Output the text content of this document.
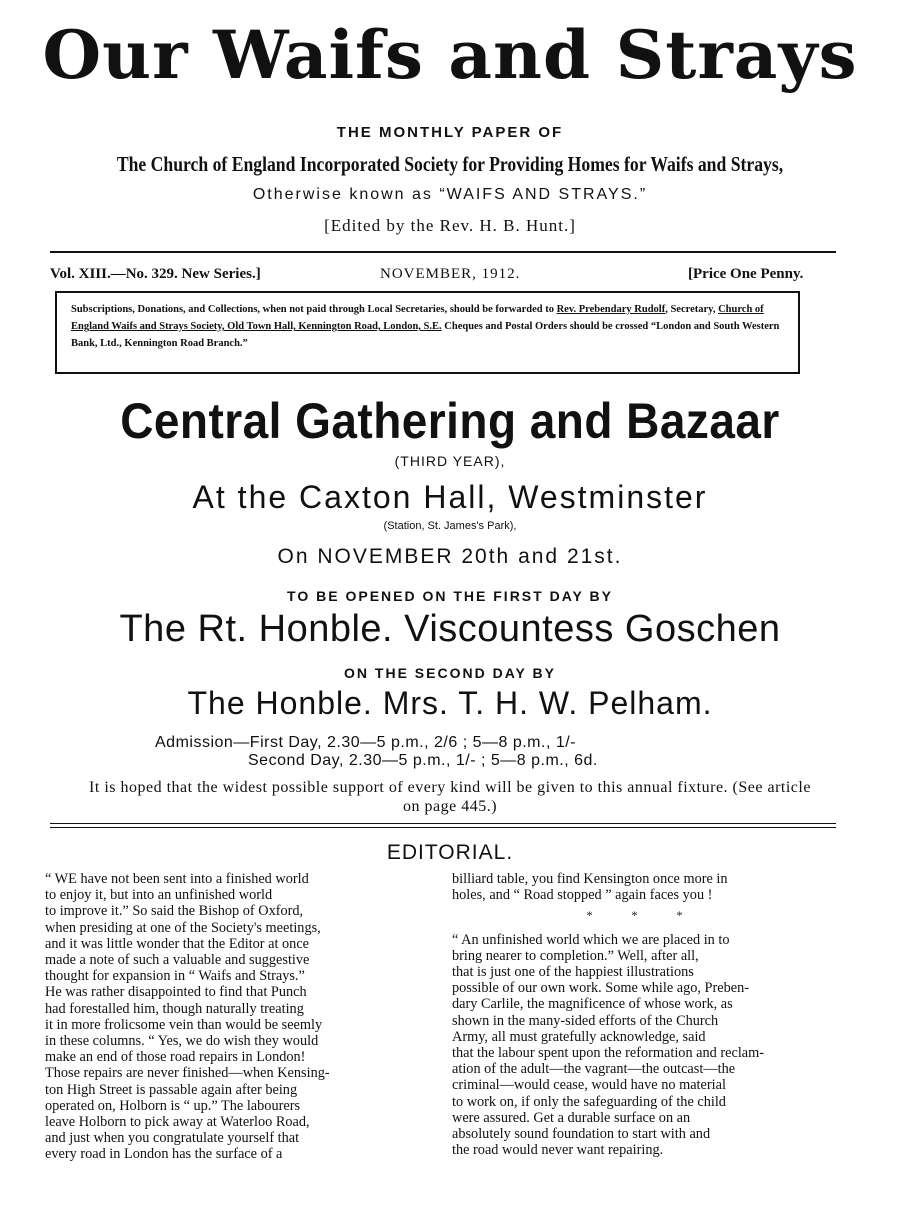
Our Waifs and Strays
THE MONTHLY PAPER OF
The Church of England Incorporated Society for Providing Homes for Waifs and Strays,
Otherwise known as “WAIFS AND STRAYS.”
[Edited by the Rev. H. B. Hunt.]
Vol. XIII.—No. 329. New Series.]	NOVEMBER, 1912.	[Price One Penny.
Subscriptions, Donations, and Collections, when not paid through Local Secretaries, should be forwarded to Rev. Prebendary Rudolf, Secretary, Church of England Waifs and Strays Society, Old Town Hall, Kennington Road, London, S.E. Cheques and Postal Orders should be crossed “London and South Western Bank, Ltd., Kennington Road Branch.”
Central Gathering and Bazaar
(THIRD YEAR),
At the Caxton Hall, Westminster
(Station, St. James's Park),
On NOVEMBER 20th and 21st.
TO BE OPENED ON THE FIRST DAY BY
The Rt. Honble. Viscountess Goschen
ON THE SECOND DAY BY
The Honble. Mrs. T. H. W. Pelham.
Admission—First Day, 2.30—5 p.m., 2/6 ; 5—8 p.m., 1/-
Second Day, 2.30—5 p.m., 1/- ; 5—8 p.m., 6d.
It is hoped that the widest possible support of every kind will be given to this annual fixture. (See article on page 445.)
EDITORIAL.
“ WE have not been sent into a finished world
to enjoy it, but into an unfinished world
to improve it.” So said the Bishop of Oxford,
when presiding at one of the Society's meetings,
and it was little wonder that the Editor at once
made a note of such a valuable and suggestive
thought for expansion in “ Waifs and Strays.”
He was rather disappointed to find that Punch
had forestalled him, though naturally treating
it in more frolicsome vein than would be seemly
in these columns. “ Yes, we do wish they would
make an end of those road repairs in London!
Those repairs are never finished—when Kensing-
ton High Street is passable again after being
operated on, Holborn is “ up.” The labourers
leave Holborn to pick away at Waterloo Road,
and just when you congratulate yourself that
every road in London has the surface of a
billiard table, you find Kensington once more in
holes, and “ Road stopped ” again faces you !
* * *
“ An unfinished world which we are placed in to
bring nearer to completion.” Well, after all,
that is just one of the happiest illustrations
possible of our own work. Some while ago, Preben-
dary Carlile, the magnificence of whose work, as
shown in the many-sided efforts of the Church
Army, all must gratefully acknowledge, said
that the labour spent upon the reformation and reclam-
ation of the adult—the vagrant—the outcast—the
criminal—would cease, would have no material
to work on, if only the safeguarding of the child
were assured. Get a durable surface on an
absolutely sound foundation to start with and
the road would never want repairing.
